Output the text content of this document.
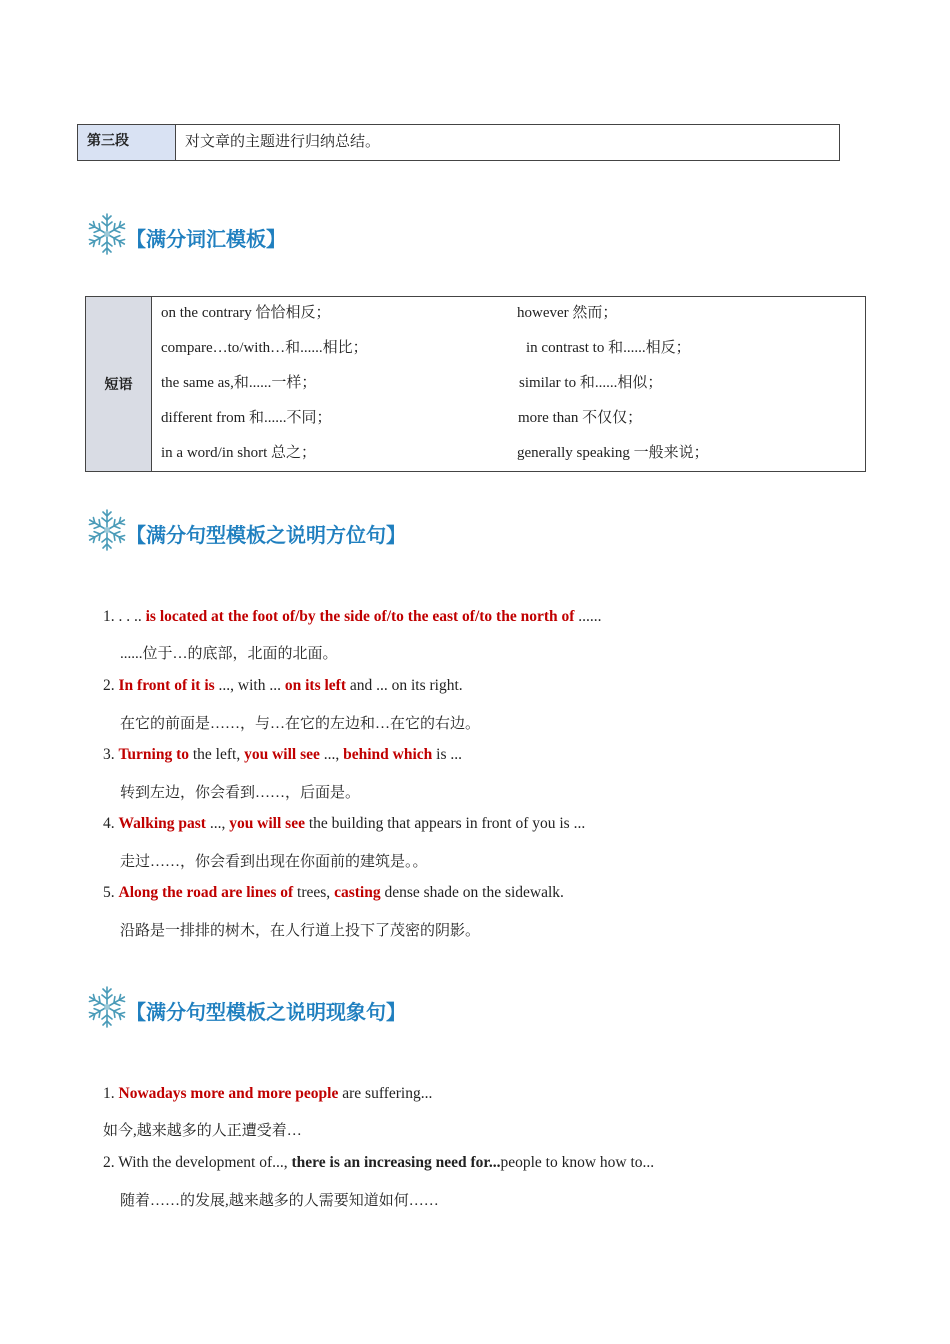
第三段	对文章的主题进行归纳总结。
【满分词汇模板】
短语
on the contrary 恰恰相反；	however 然而；
compare…to/with…和......相比；	in contrast to 和......相反；
the same as,和......一样；	similar to 和......相似；
different from 和......不同；	more than 不仅仅；
in a word/in short 总之；	generally speaking 一般来说；
【满分句型模板之说明方位句】
1. . . .. is located at the foot of/by the side of/to the east of/to the north of ......
......位于…的底部，北面的北面。
2. In front of it is ..., with ... on its left and ... on its right.
在它的前面是……，与…在它的左边和…在它的右边。
3. Turning to the left, you will see ..., behind which is ...
转到左边，你会看到……，后面是。
4. Walking past ..., you will see the building that appears in front of you is ...
走过……，你会看到出现在你面前的建筑是。。
5. Along the road are lines of trees, casting dense shade on the sidewalk.
沿路是一排排的树木，在人行道上投下了茂密的阴影。
【满分句型模板之说明现象句】
1. Nowadays more and more people are suffering...
如今,越来越多的人正遭受着…
2. With the development of..., there is an increasing need for...people to know how to...
随着……的发展,越来越多的人需要知道如何……
